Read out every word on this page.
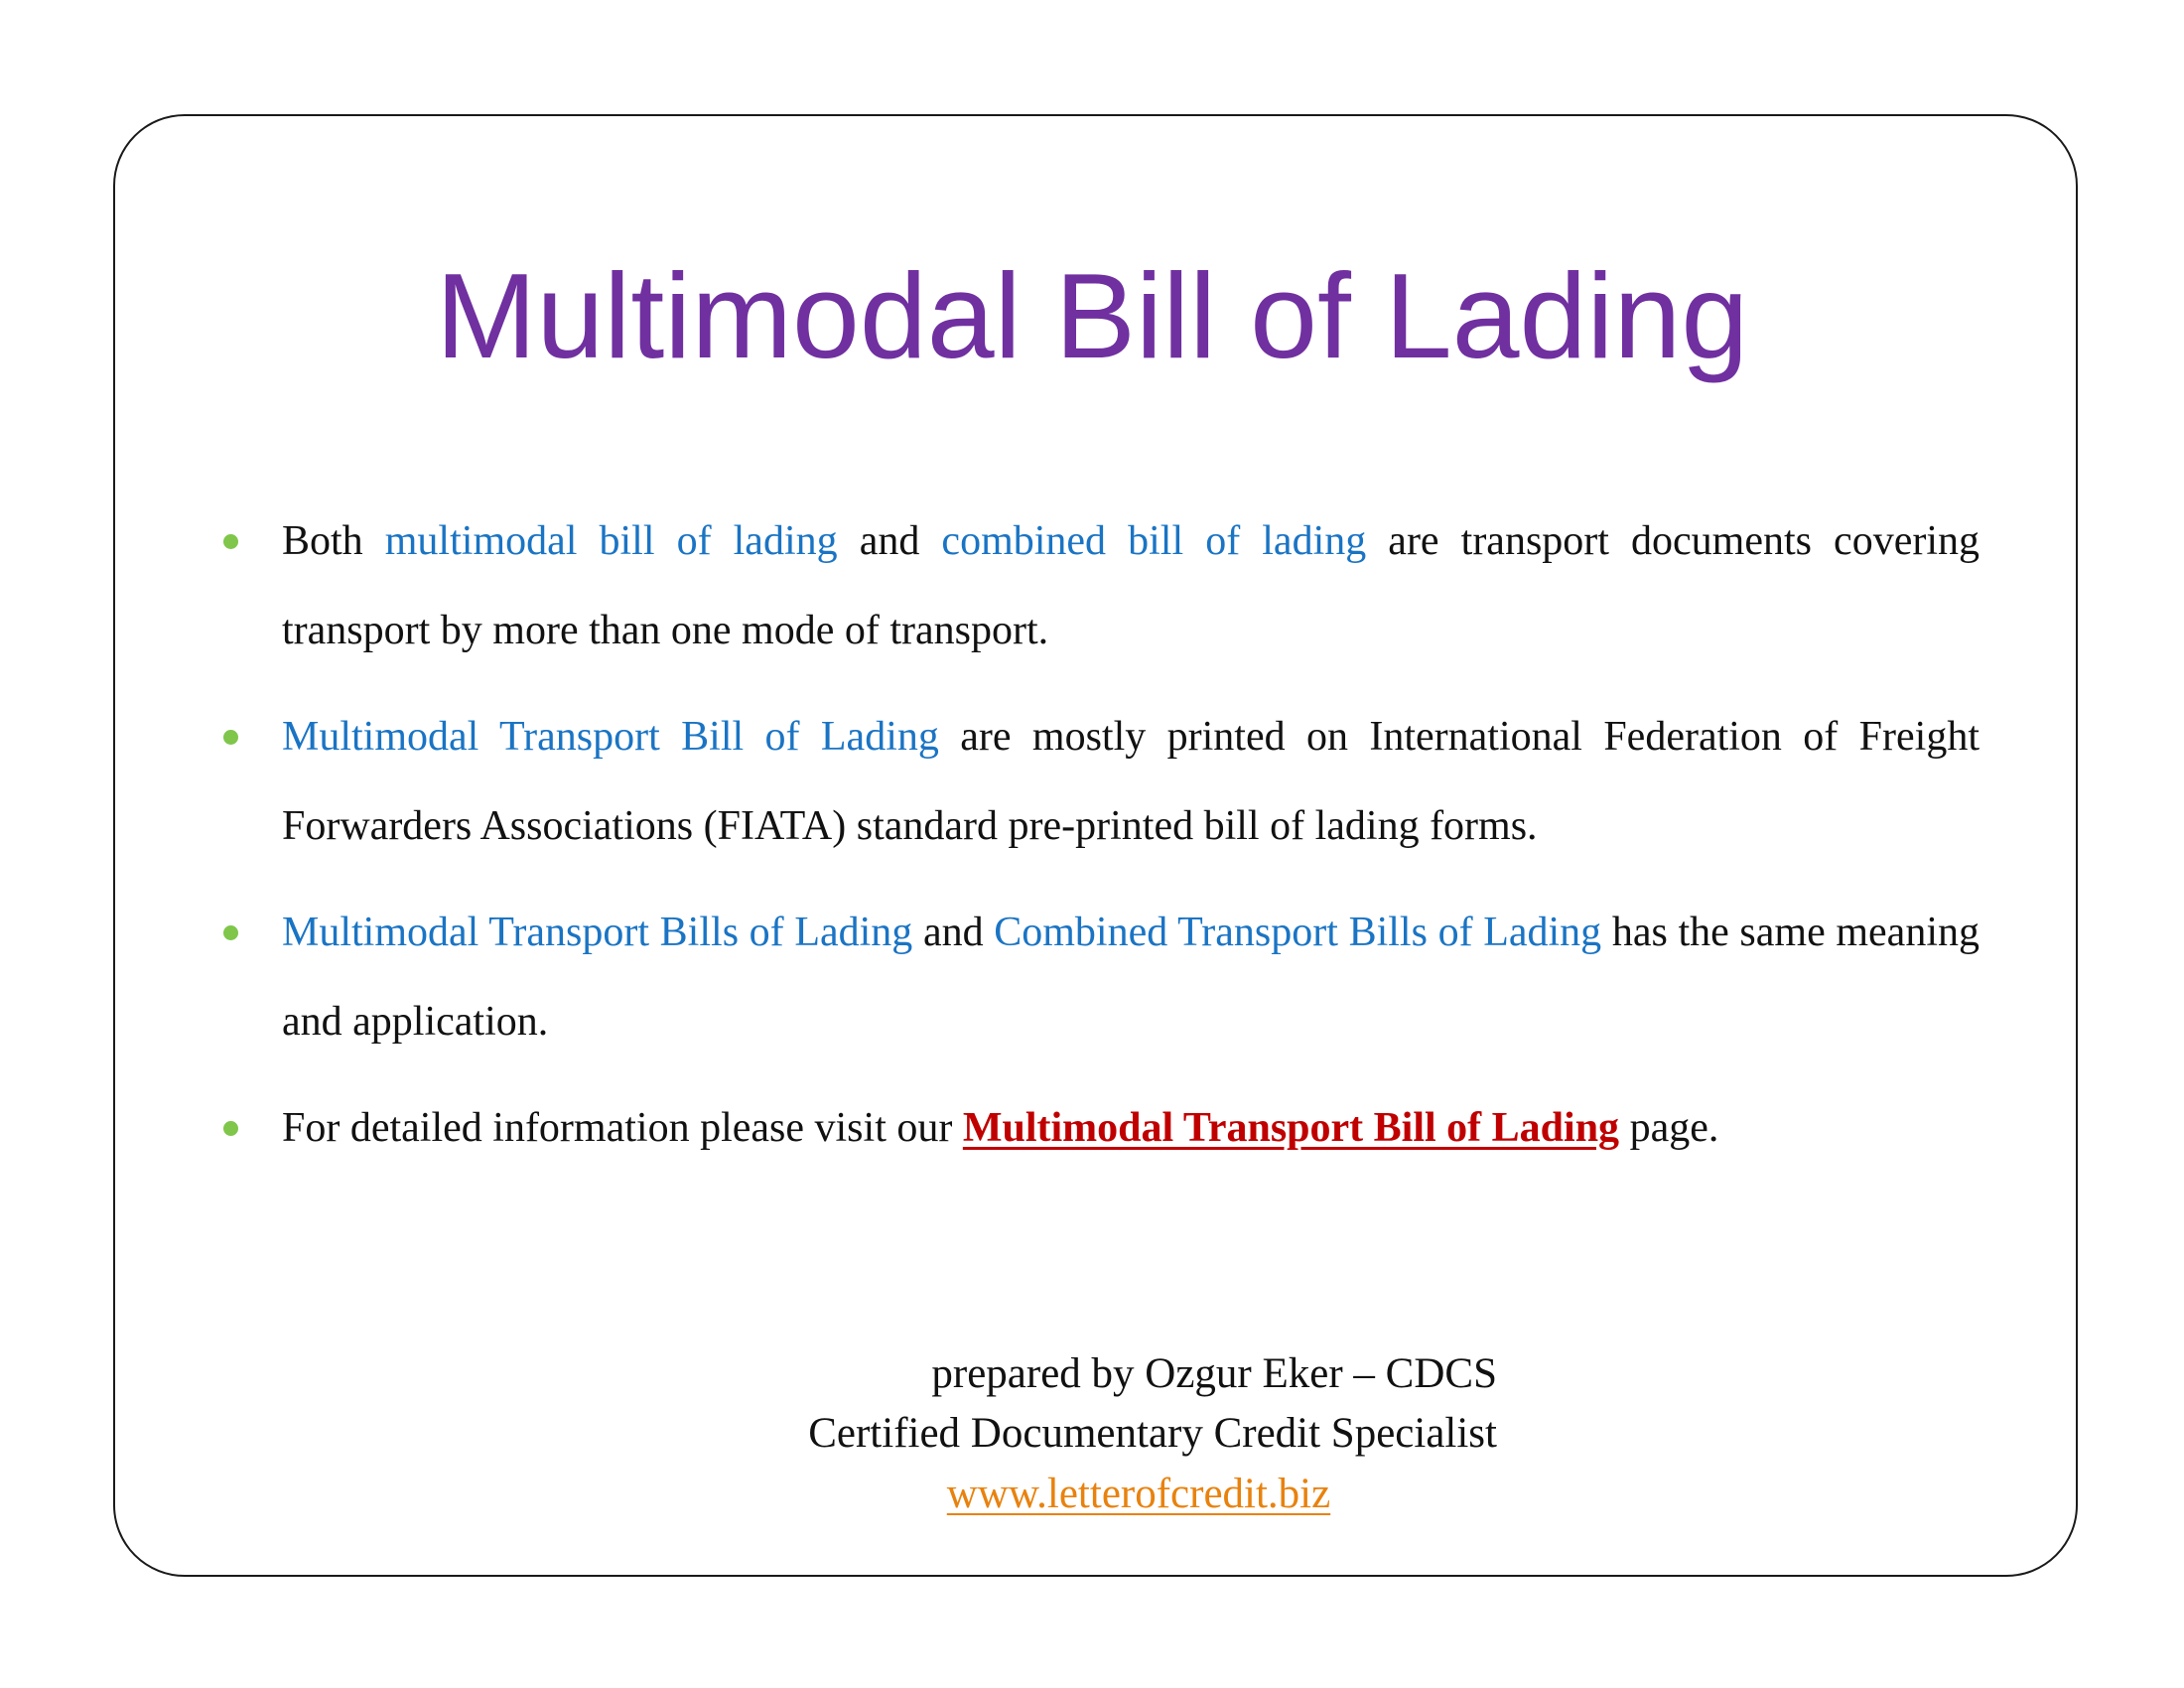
Multimodal Bill of Lading
Both multimodal bill of lading and combined bill of lading are transport documents covering transport by more than one mode of transport.
Multimodal Transport Bill of Lading are mostly printed on International Federation of Freight Forwarders Associations (FIATA) standard pre-printed bill of lading forms.
Multimodal Transport Bills of Lading and Combined Transport Bills of Lading has the same meaning and application.
For detailed information please visit our Multimodal Transport Bill of Lading page.
prepared by Ozgur Eker – CDCS
Certified Documentary Credit Specialist
www.letterofcredit.biz
